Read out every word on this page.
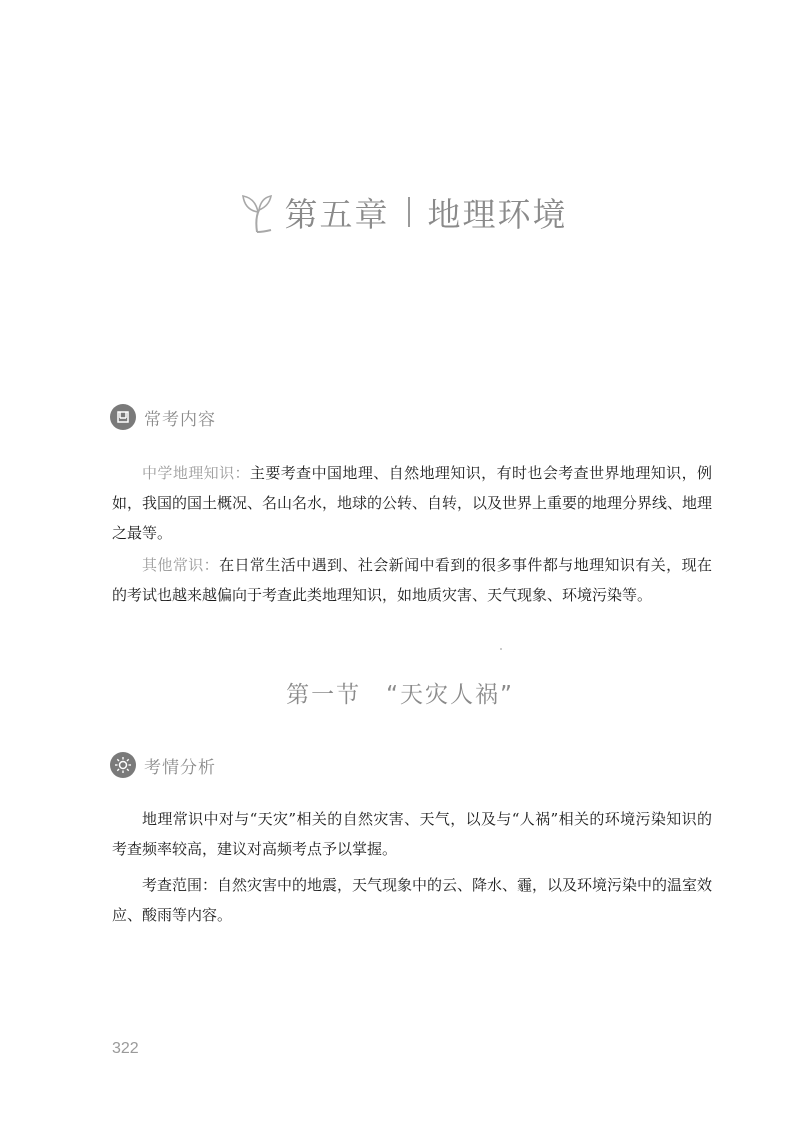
第五章 地理环境
常考内容
中学地理知识：主要考查中国地理、自然地理知识，有时也会考查世界地理知识，例如，我国的国土概况、名山名水，地球的公转、自转，以及世界上重要的地理分界线、地理之最等。
其他常识：在日常生活中遇到、社会新闻中看到的很多事件都与地理知识有关，现在的考试也越来越偏向于考查此类地理知识，如地质灾害、天气现象、环境污染等。
第一节　“天灾人祸”
考情分析
地理常识中对与“天灾”相关的自然灾害、天气，以及与“人祸”相关的环境污染知识的考查频率较高，建议对高频考点予以掌握。
考查范围：自然灾害中的地震，天气现象中的云、降水、霾，以及环境污染中的温室效应、酸雨等内容。
322
